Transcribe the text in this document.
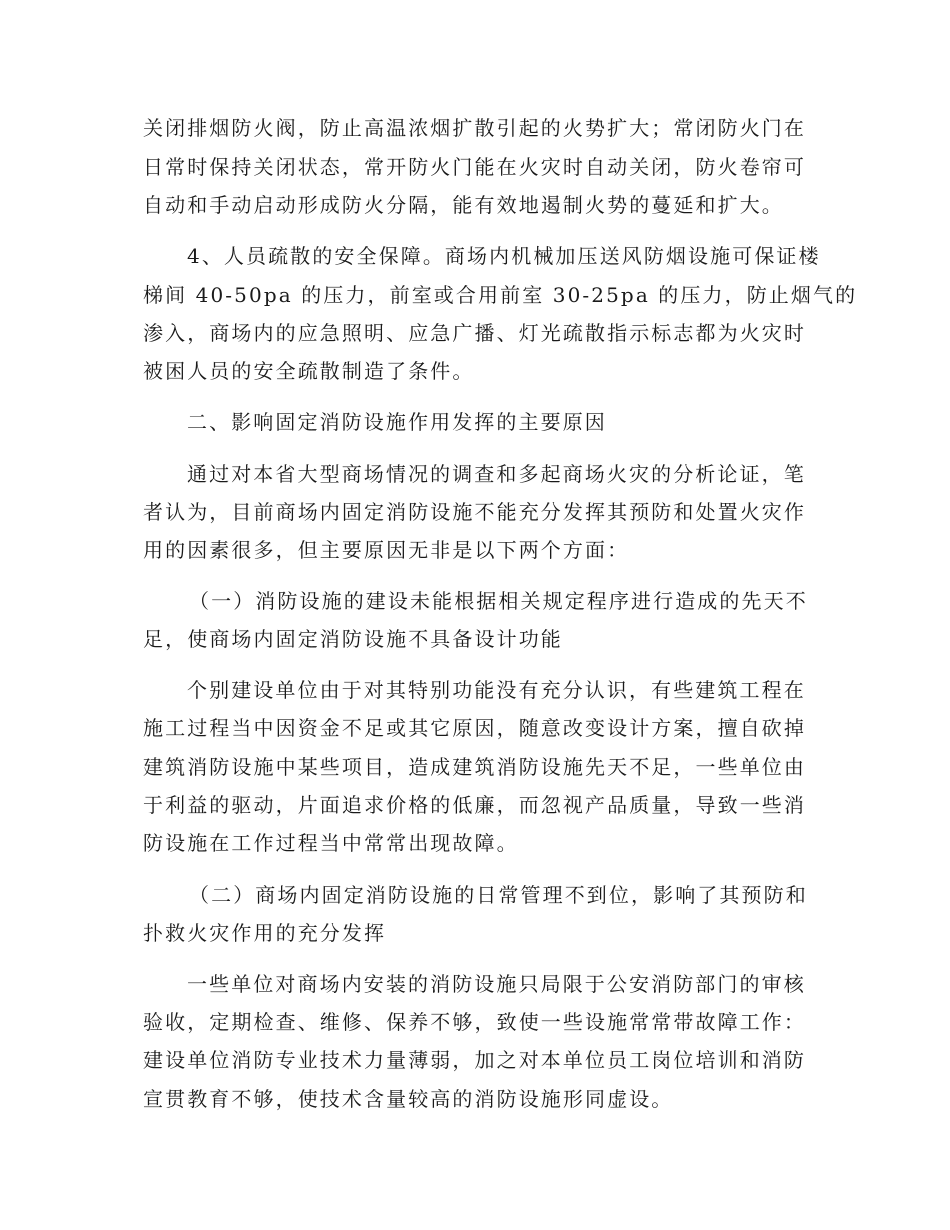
关闭排烟防火阀，防止高温浓烟扩散引起的火势扩大；常闭防火门在

日常时保持关闭状态，常开防火门能在火灾时自动关闭，防火卷帘可

自动和手动启动形成防火分隔，能有效地遏制火势的蔓延和扩大。

4、人员疏散的安全保障。商场内机械加压送风防烟设施可保证楼

梯间 40-50pa 的压力，前室或合用前室 30-25pa 的压力，防止烟气的

渗入，商场内的应急照明、应急广播、灯光疏散指示标志都为火灾时

被困人员的安全疏散制造了条件。

二、影响固定消防设施作用发挥的主要原因

通过对本省大型商场情况的调查和多起商场火灾的分析论证，笔

者认为，目前商场内固定消防设施不能充分发挥其预防和处置火灾作

用的因素很多，但主要原因无非是以下两个方面：

（一）消防设施的建设未能根据相关规定程序进行造成的先天不

足，使商场内固定消防设施不具备设计功能

个别建设单位由于对其特别功能没有充分认识，有些建筑工程在

施工过程当中因资金不足或其它原因，随意改变设计方案，擅自砍掉

建筑消防设施中某些项目，造成建筑消防设施先天不足，一些单位由

于利益的驱动，片面追求价格的低廉，而忽视产品质量，导致一些消

防设施在工作过程当中常常出现故障。

（二）商场内固定消防设施的日常管理不到位，影响了其预防和

扑救火灾作用的充分发挥

一些单位对商场内安装的消防设施只局限于公安消防部门的审核

验收，定期检查、维修、保养不够，致使一些设施常常带故障工作：

建设单位消防专业技术力量薄弱，加之对本单位员工岗位培训和消防

宣贯教育不够，使技术含量较高的消防设施形同虚设。
